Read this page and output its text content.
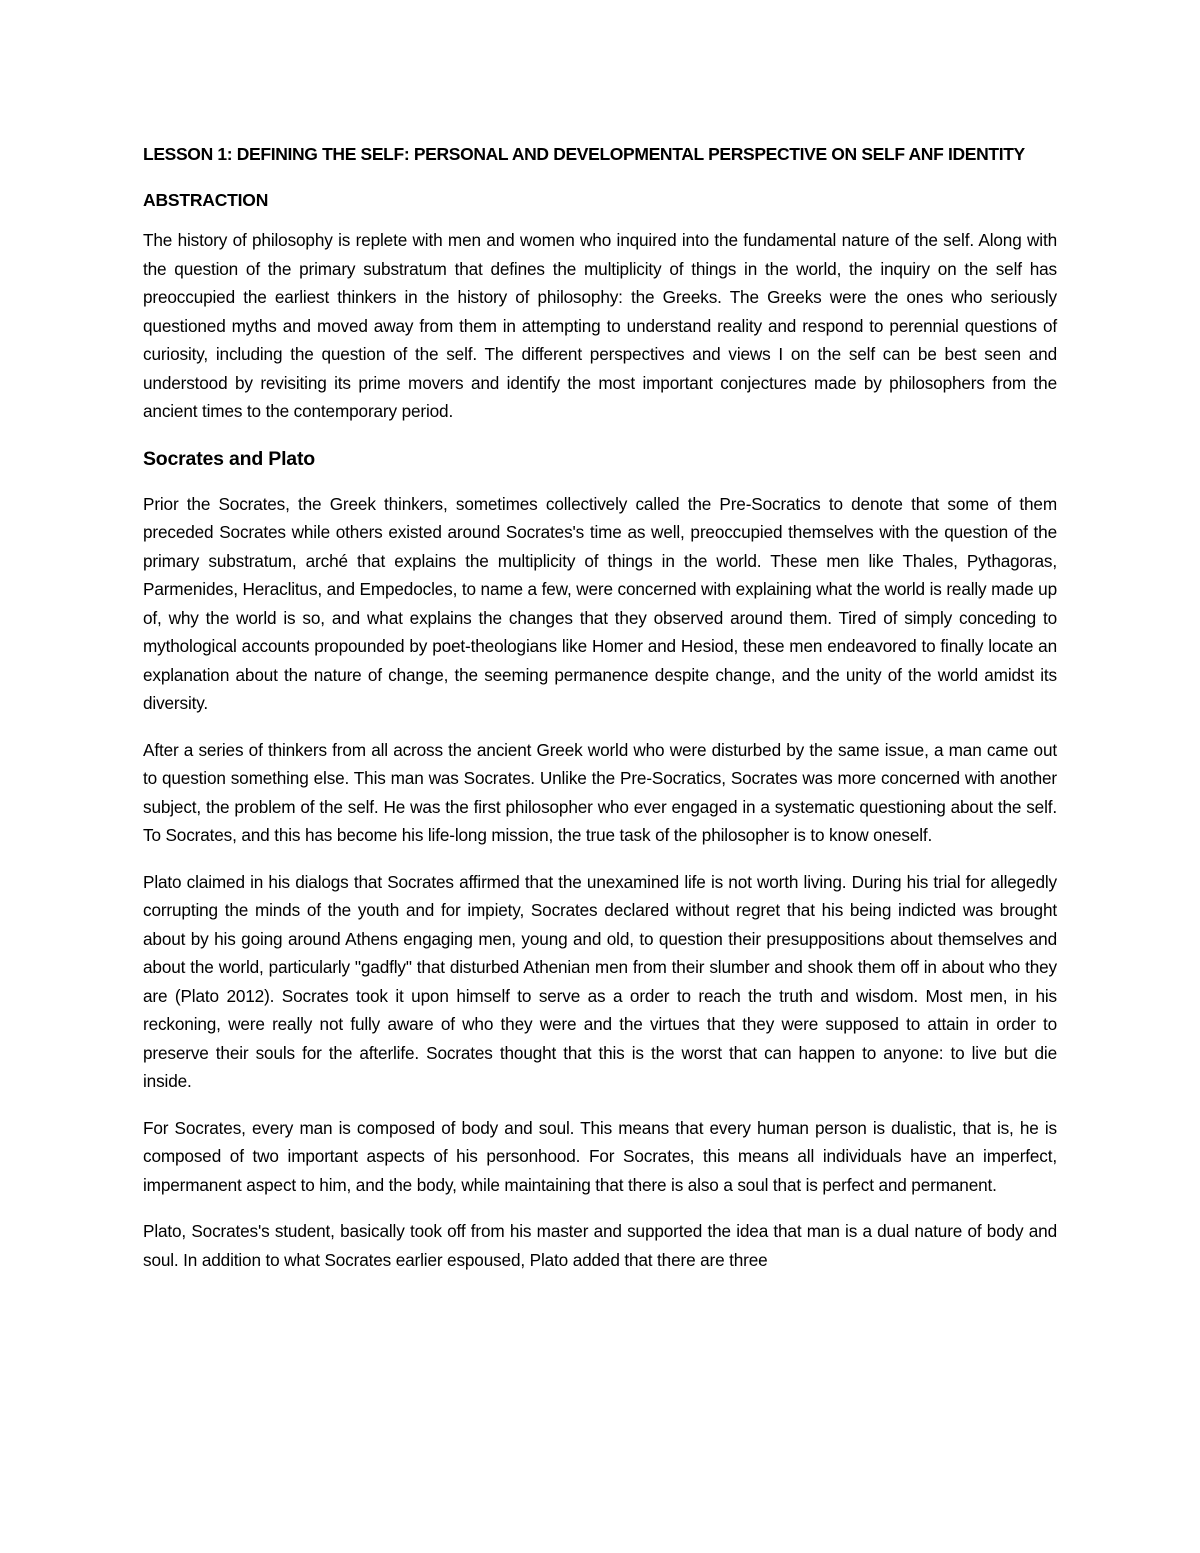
LESSON 1: DEFINING THE SELF: PERSONAL AND DEVELOPMENTAL PERSPECTIVE ON SELF ANF IDENTITY
ABSTRACTION

The history of philosophy is replete with men and women who inquired into the fundamental nature of the self. Along with the question of the primary substratum that defines the multiplicity of things in the world, the inquiry on the self has preoccupied the earliest thinkers in the history of philosophy: the Greeks. The Greeks were the ones who seriously questioned myths and moved away from them in attempting to understand reality and respond to perennial questions of curiosity, including the question of the self. The different perspectives and views I on the self can be best seen and understood by revisiting its prime movers and identify the most important conjectures made by philosophers from the ancient times to the contemporary period.

Socrates and Plato

Prior the Socrates, the Greek thinkers, sometimes collectively called the Pre-Socratics to denote that some of them preceded Socrates while others existed around Socrates's time as well, preoccupied themselves with the question of the primary substratum, arché that explains the multiplicity of things in the world. These men like Thales, Pythagoras, Parmenides, Heraclitus, and Empedocles, to name a few, were concerned with explaining what the world is really made up of, why the world is so, and what explains the changes that they observed around them. Tired of simply conceding to mythological accounts propounded by poet-theologians like Homer and Hesiod, these men endeavored to finally locate an explanation about the nature of change, the seeming permanence despite change, and the unity of the world amidst its diversity.

After a series of thinkers from all across the ancient Greek world who were disturbed by the same issue, a man came out to question something else. This man was Socrates. Unlike the Pre-Socratics, Socrates was more concerned with another subject, the problem of the self. He was the first philosopher who ever engaged in a systematic questioning about the self. To Socrates, and this has become his life-long mission, the true task of the philosopher is to know oneself.

Plato claimed in his dialogs that Socrates affirmed that the unexamined life is not worth living. During his trial for allegedly corrupting the minds of the youth and for impiety, Socrates declared without regret that his being indicted was brought about by his going around Athens engaging men, young and old, to question their presuppositions about themselves and about the world, particularly "gadfly" that disturbed Athenian men from their slumber and shook them off in about who they are (Plato 2012). Socrates took it upon himself to serve as a order to reach the truth and wisdom. Most men, in his reckoning, were really not fully aware of who they were and the virtues that they were supposed to attain in order to preserve their souls for the afterlife. Socrates thought that this is the worst that can happen to anyone: to live but die inside.

For Socrates, every man is composed of body and soul. This means that every human person is dualistic, that is, he is composed of two important aspects of his personhood. For Socrates, this means all individuals have an imperfect, impermanent aspect to him, and the body, while maintaining that there is also a soul that is perfect and permanent.

Plato, Socrates's student, basically took off from his master and supported the idea that man is a dual nature of body and soul. In addition to what Socrates earlier espoused, Plato added that there are three
